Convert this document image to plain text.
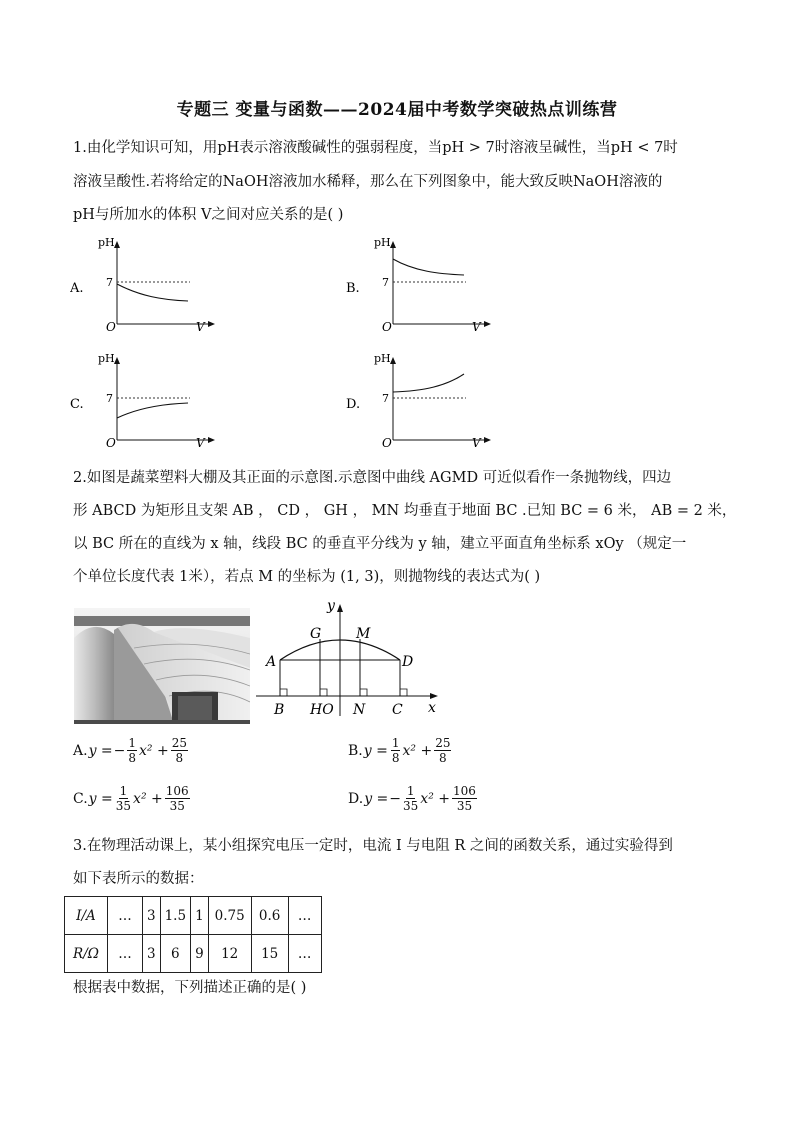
专题三 变量与函数——2024届中考数学突破热点训练营
1.由化学知识可知，用pH表示溶液酸碱性的强弱程度，当pH > 7时溶液呈碱性，当pH < 7时
溶液呈酸性.若将给定的NaOH溶液加水稀释，那么在下列图象中，能大致反映NaOH溶液的
pH与所加水的体积 V之间对应关系的是( )
A.
pH
7
O	V
B.
pH
7
O	V
C.
pH
7
O	V
D.
pH
7
O	V
2.如图是蔬菜塑料大棚及其正面的示意图.示意图中曲线 AGMD 可近似看作一条抛物线，四边
形 ABCD 为矩形且支架 AB ， CD ， GH ， MN 均垂直于地面 BC .已知 BC = 6 米， AB = 2 米，
以 BC 所在的直线为 x 轴，线段 BC 的垂直平分线为 y 轴，建立平面直角坐标系 xOy （规定一
个单位长度代表 1米），若点 M 的坐标为 (1, 3)，则抛物线的表达式为( )
y
x
G M
A	D
B HO N C
A. y = − $\frac{1}{8} x^2 + \frac{25}{8}$	B. $y = \frac{1}{8} x^2 + \frac{25}{8}$
C. $y = \frac{1}{35} x^2 + \frac{106}{35}$	D. y = − $\frac{1}{35} x^2 + \frac{106}{35}$
3.在物理活动课上，某小组探究电压一定时，电流 I 与电阻 R 之间的函数关系，通过实验得到
如下表所示的数据：
I/A	…	3	1.5	1	0.75	0.6	…
R/Ω	…	3	6	9	12	15	…
根据表中数据，下列描述正确的是( )
